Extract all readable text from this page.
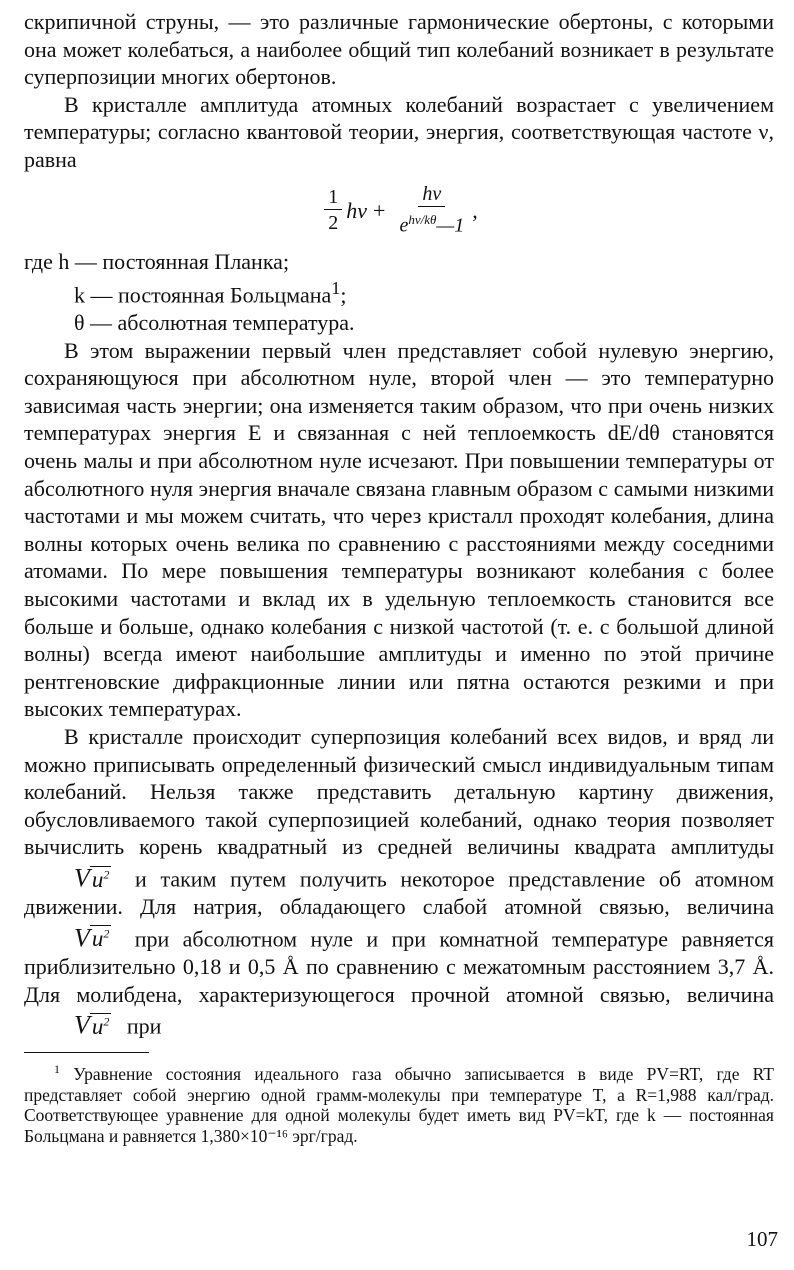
скрипичной струны, — это различные гармонические обертоны, с которыми она может колебаться, а наиболее общий тип колебаний возникает в результате суперпозиции многих обертонов.

В кристалле амплитуда атомных колебаний возрастает с увеличением температуры; согласно квантовой теории, энергия, соответствующая частоте ν, равна

$\frac{1}{2}$ $h\nu + \frac{h\nu}{e^{h\nu/k\theta}—1}$ ,

где h — постоянная Планка;

k — постоянная Больцмана$^1$;

θ — абсолютная температура.

В этом выражении первый член представляет собой нулевую энергию, сохраняющуюся при абсолютном нуле, второй член — это температурно зависимая часть энергии; она изменяется таким образом, что при очень низких температурах энергия E и связанная с ней теплоемкость dE/dθ становятся очень малы и при абсолютном нуле исчезают. При повышении температуры от абсолютного нуля энергия вначале связана главным образом с самыми низкими частотами и мы можем считать, что через кристалл проходят колебания, длина волны которых очень велика по сравнению с расстояниями между соседними атомами. По мере повышения температуры возникают колебания с более высокими частотами и вклад их в удельную теплоемкость становится все больше и больше, однако колебания с низкой частотой (т. е. с большой длиной волны) всегда имеют наибольшие амплитуды и именно по этой причине рентгеновские дифракционные линии или пятна остаются резкими и при высоких температурах.

В кристалле происходит суперпозиция колебаний всех видов, и вряд ли можно приписывать определенный физический смысл индивидуальным типам колебаний. Нельзя также представить детальную картину движения, обусловливаемого такой суперпозицией колебаний, однако теория позволяет вычислить корень квадратный из средней величины квадрата амплитуды Vu$^2$ и таким путем получить некоторое представление об атомном движении. Для натрия, обладающего слабой атомной связью, величина Vu$^2$ при абсолютном нуле и при комнатной температуре равняется приблизительно 0,18 и 0,5 Å по сравнению с межатомным расстоянием 3,7 Å. Для молибдена, характеризующегося прочной атомной связью, величина Vu$^2$ при

$^1$ Уравнение состояния идеального газа обычно записывается в виде PV=RT, где RT представляет собой энергию одной грамм-молекулы при температуре T, а R=1,988 кал/град. Соответствующее уравнение для одной молекулы будет иметь вид PV=kT, где k — постоянная Больцмана и равняется 1,380×10⁻¹⁶ эрг/град.

107
